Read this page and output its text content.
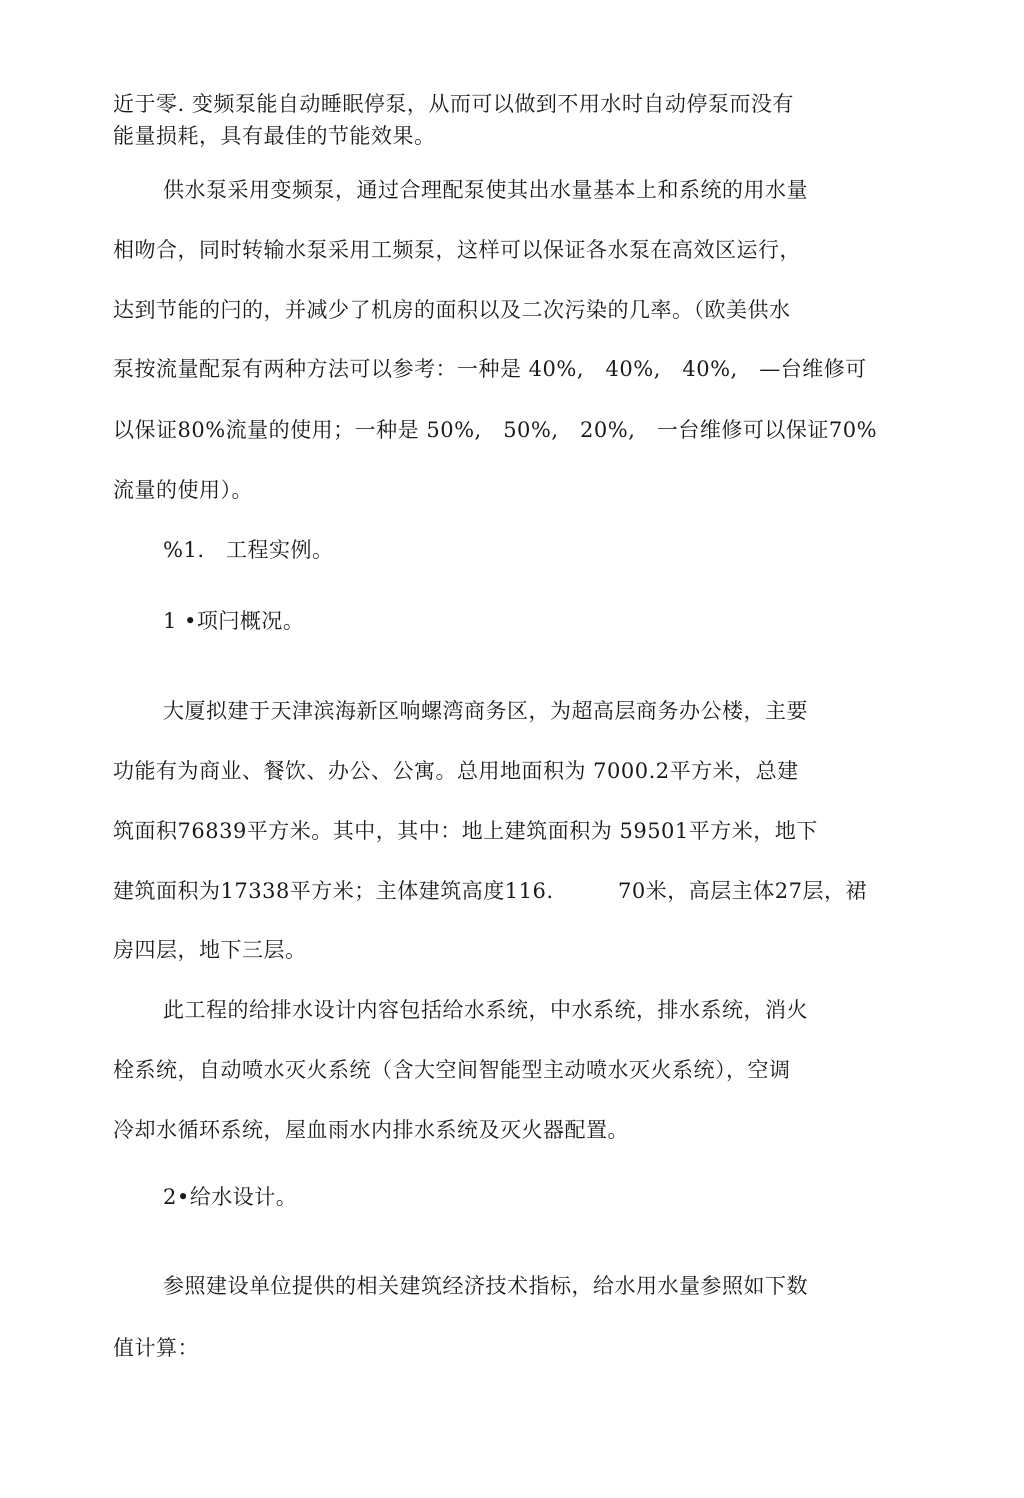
近于零. 变频泵能自动睡眠停泵，从而可以做到不用水时自动停泵而没有
能量损耗，具有最佳的节能效果。
供水泵采用变频泵，通过合理配泵使其出水量基本上和系统的用水量
相吻合，同时转输水泵采用工频泵，这样可以保证各水泵在高效区运行，
达到节能的闩的，并减少了机房的面积以及二次污染的几率。（欧美供水
泵按流量配泵有两种方法可以参考：一种是 40%,　40%,　40%,　—台维修可
以保证80%流量的使用；一种是 50%,　50%,　20%,　一台维修可以保证70%
流量的使用）。
%1.　工程实例。
1 •项闩概况。
大厦拟建于天津滨海新区响螺湾商务区，为超高层商务办公楼，主要
功能有为商业、餐饮、办公、公寓。总用地面积为 7000.2平方米，总建
筑面积76839平方米。其中，其中：地上建筑面积为 59501平方米，地下
建筑面积为17338平方米；主体建筑高度116.　　　70米，高层主体27层，裙
房四层，地下三层。
此工程的给排水设计内容包括给水系统，中水系统，排水系统，消火
栓系统，自动喷水灭火系统（含大空间智能型主动喷水灭火系统），空调
冷却水循环系统，屋血雨水内排水系统及灭火器配置。
2•给水设计。
参照建设单位提供的相关建筑经济技术指标，给水用水量参照如下数
值计算：
